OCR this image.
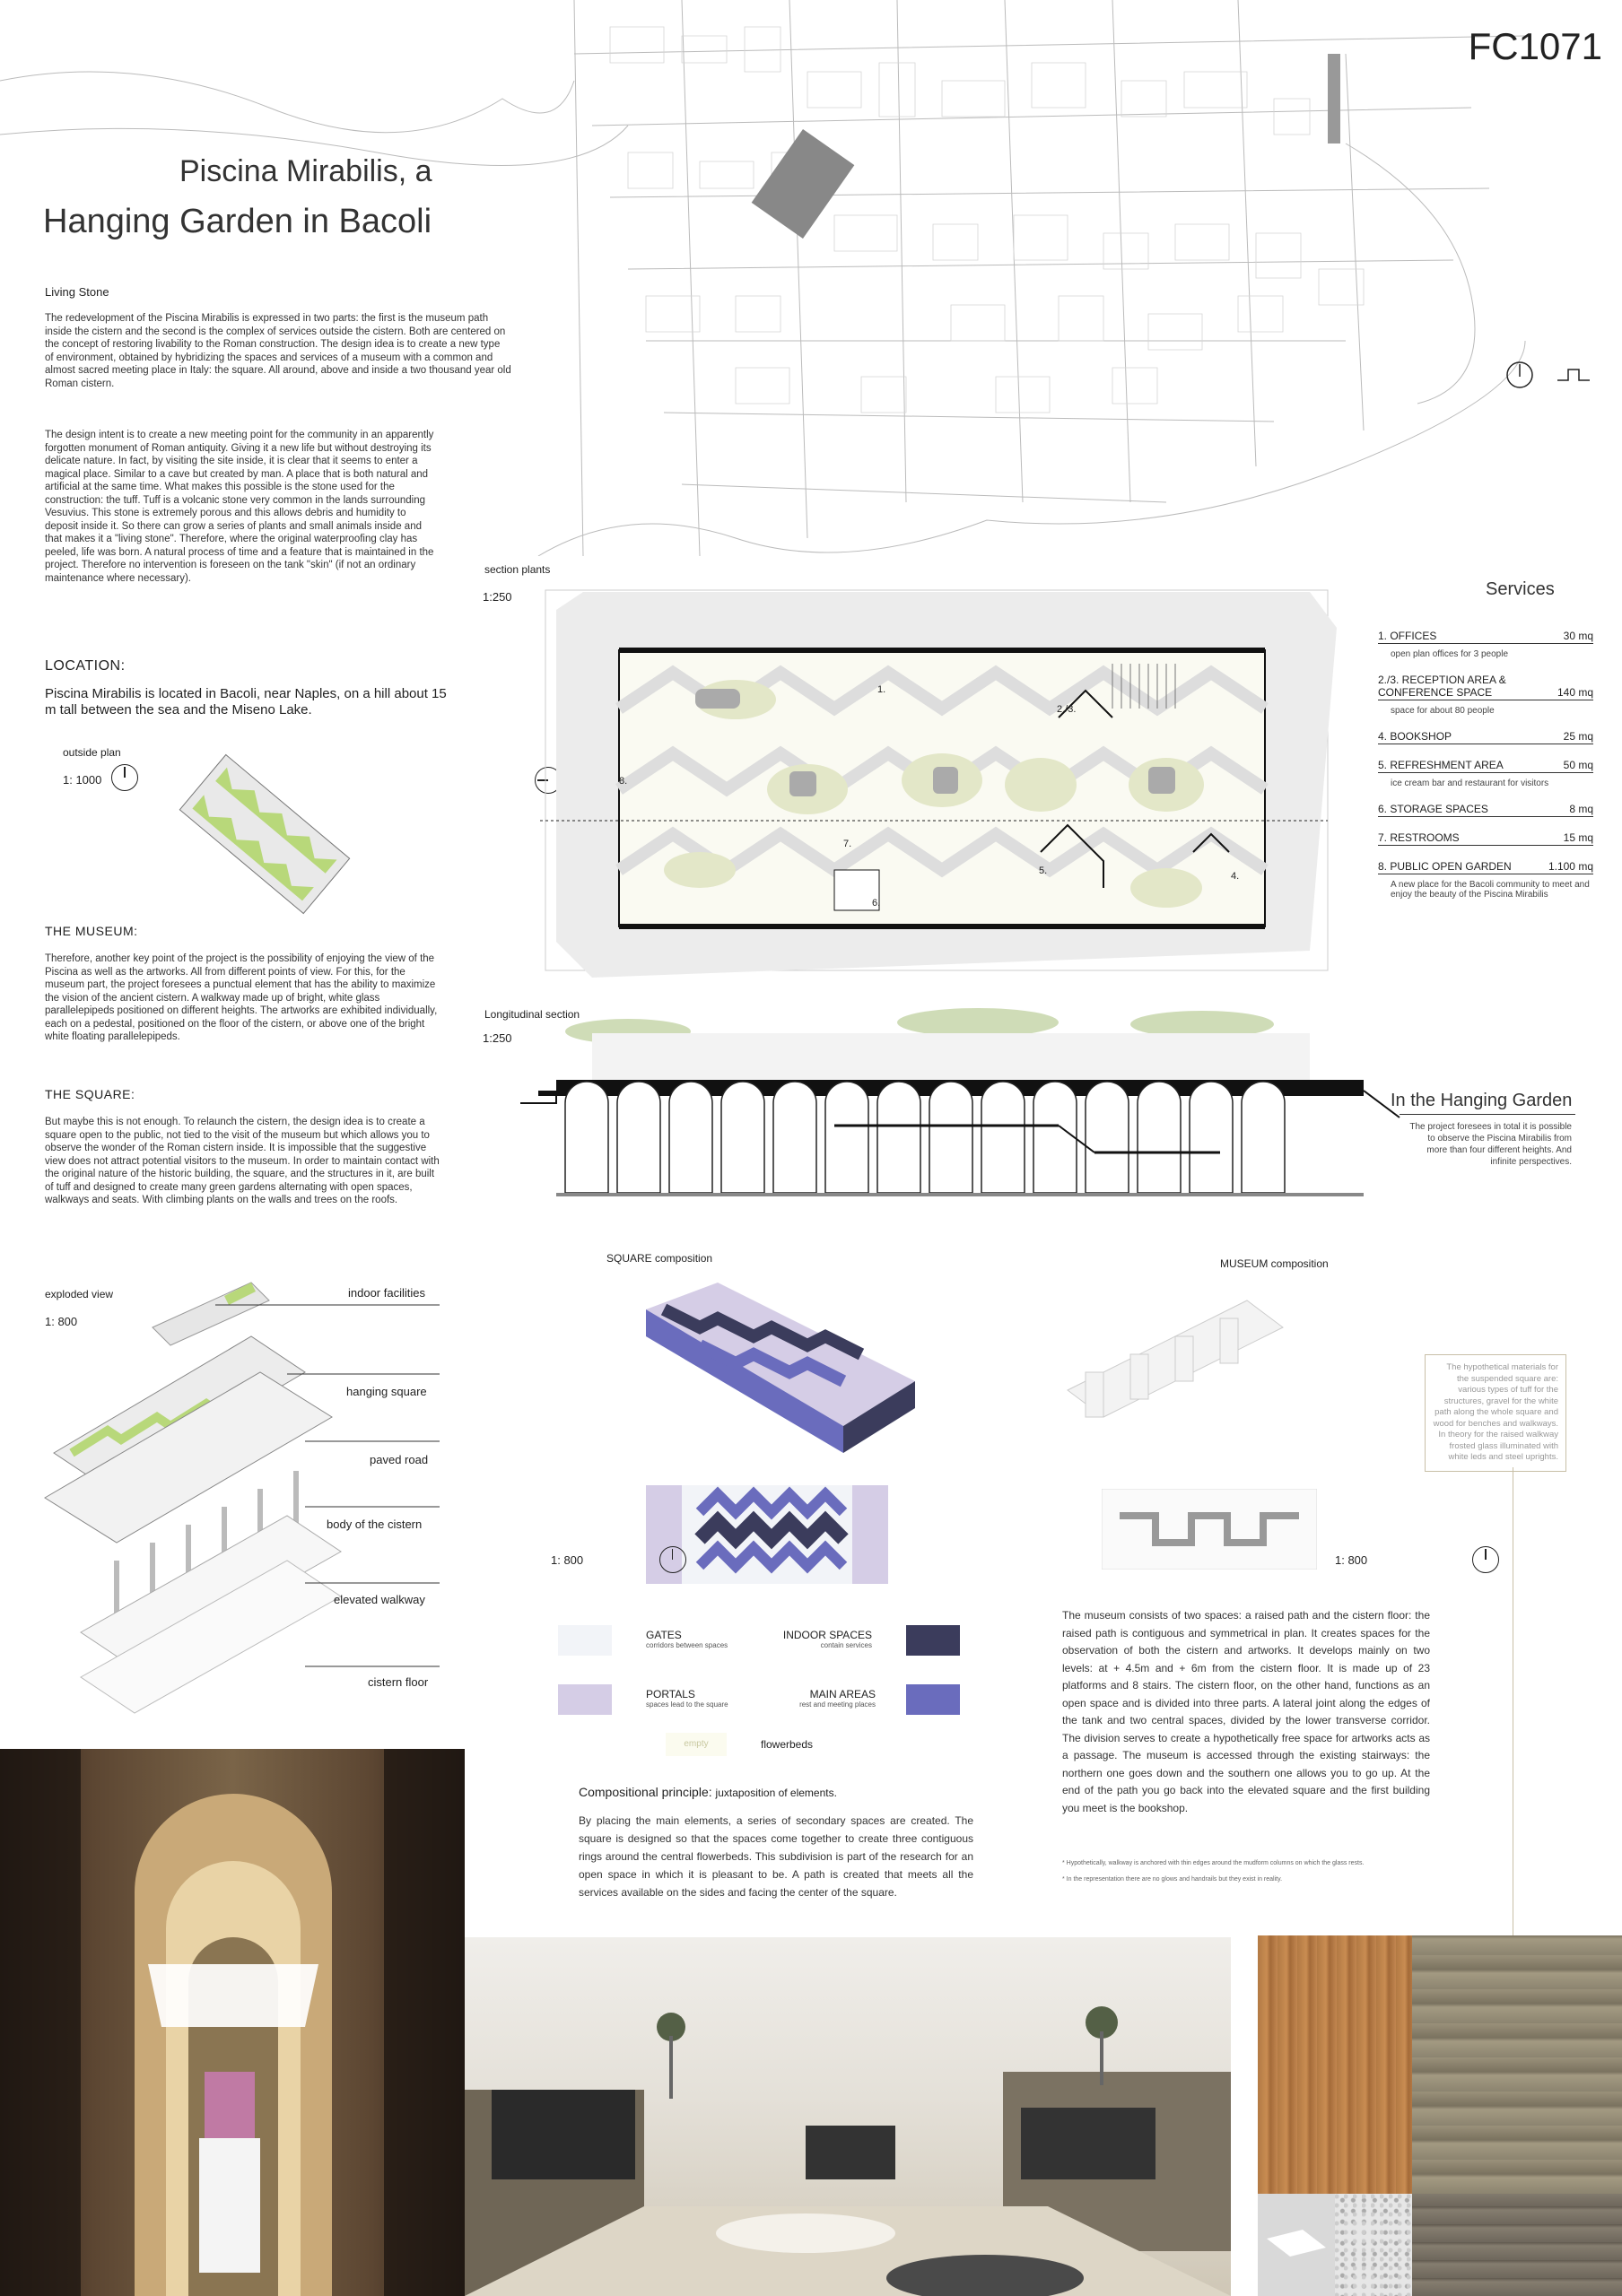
FC1071
Piscina Mirabilis, a
Hanging Garden in Bacoli
Living Stone
The redevelopment of the Piscina Mirabilis is expressed in two parts: the first is the museum path inside the cistern and the second is the complex of services outside the cistern. Both are centered on the concept of restoring livability to the Roman construction. The design idea is to create a new type of environment, obtained by hybridizing the spaces and services of a museum with a common and almost sacred meeting place in Italy: the square. All around, above and inside a two thousand year old Roman cistern.
The design intent is to create a new meeting point for the community in an apparently forgotten monument of Roman antiquity. Giving it a new life but without destroying its delicate nature. In fact, by visiting the site inside, it is clear that it seems to enter a magical place. Similar to a cave but created by man. A place that is both natural and artificial at the same time. What makes this possible is the stone used for the construction: the tuff. Tuff is a volcanic stone very common in the lands surrounding Vesuvius. This stone is extremely porous and this allows debris and humidity to deposit inside it. So there can grow a series of plants and small animals inside and that makes it a "living stone". Therefore, where the original waterproofing clay has peeled, life was born. A natural process of time and a feature that is maintained in the project. Therefore no intervention is foreseen on the tank "skin" (if not an ordinary maintenance where necessary).
LOCATION:
Piscina Mirabilis is located in Bacoli, near Naples, on a hill about 15 m tall between the sea and the Miseno Lake.
outside plan
1: 1000

THE MUSEUM:
Therefore, another key point of the project is the possibility of enjoying the view of the Piscina as well as the artworks. All from different points of view. For this, for the museum part, the project foresees a punctual element that has the ability to maximize the vision of the ancient cistern. A walkway made up of bright, white glass parallelepipeds positioned on different heights. The artworks are exhibited individually, each on a pedestal, positioned on the floor of the cistern, or above one of the bright white floating parallelepipeds.
THE SQUARE:
But maybe this is not enough. To relaunch the cistern, the design idea is to create a square open to the public, not tied to the visit of the museum but which allows you to observe the wonder of the Roman cistern inside. It is impossible that the suggestive view does not attract potential visitors to the museum. In order to maintain contact with the original nature of the historic building, the square, and the structures in it, are built of tuff and designed to create many green gardens alternating with open spaces, walkways and seats. With climbing plants on the walls and trees on the roofs.
section plants
1:250

1.
2./3.
8.
7.
5.	4.
6.
Services
1. OFFICES	30 mq
open plan offices for 3 people
2./3. RECEPTION AREA & CONFERENCE SPACE	140 mq
space for about 80 people
4. BOOKSHOP	25 mq
5. REFRESHMENT AREA	50 mq
ice cream bar and restaurant for visitors
6. STORAGE SPACES	8 mq
7. RESTROOMS	15 mq
8. PUBLIC OPEN GARDEN	1.100 mq
A new place for the Bacoli community to meet and enjoy the beauty of the Piscina Mirabilis
Longitudinal section
1:250
In the Hanging Garden
The project foresees in total it is possible to observe the Piscina Mirabilis from more than four different heights. And infinite perspectives.
exploded view
1: 800
indoor facilities
hanging square
paved road
body of the cistern
elevated walkway
cistern floor
SQUARE composition
1: 800

MUSEUM composition
1: 800
The hypothetical materials for the suspended square are: various types of tuff for the structures, gravel for the white path along the whole square and wood for benches and walkways. In theory for the raised walkway frosted glass illuminated with white leds and steel uprights.
GATES
corridors between spaces
INDOOR SPACES
contain services
PORTALS
spaces lead to the square
MAIN AREAS
rest and meeting places
empty	flowerbeds
Compositional principle: juxtaposition of elements.
By placing the main elements, a series of secondary spaces are created. The square is designed so that the spaces come together to create three contiguous rings around the central flowerbeds. This subdivision is part of the research for an open space in which it is pleasant to be. A path is created that meets all the services available on the sides and facing the center of the square.
The museum consists of two spaces: a raised path and the cistern floor: the raised path is contiguous and symmetrical in plan. It creates spaces for the observation of both the cistern and artworks. It develops mainly on two levels: at + 4.5m and + 6m from the cistern floor. It is made up of 23 platforms and 8 stairs. The cistern floor, on the other hand, functions as an open space and is divided into three parts. A lateral joint along the edges of the tank and two central spaces, divided by the lower transverse corridor. The division serves to create a hypothetically free space for artworks acts as a passage. The museum is accessed through the existing stairways: the northern one goes down and the southern one allows you to go up. At the end of the path you go back into the elevated square and the first building you meet is the bookshop.
* Hypothetically, walkway is anchored with thin edges around the mudform columns on which the glass rests.
* In the representation there are no glows and handrails but they exist in reality.
